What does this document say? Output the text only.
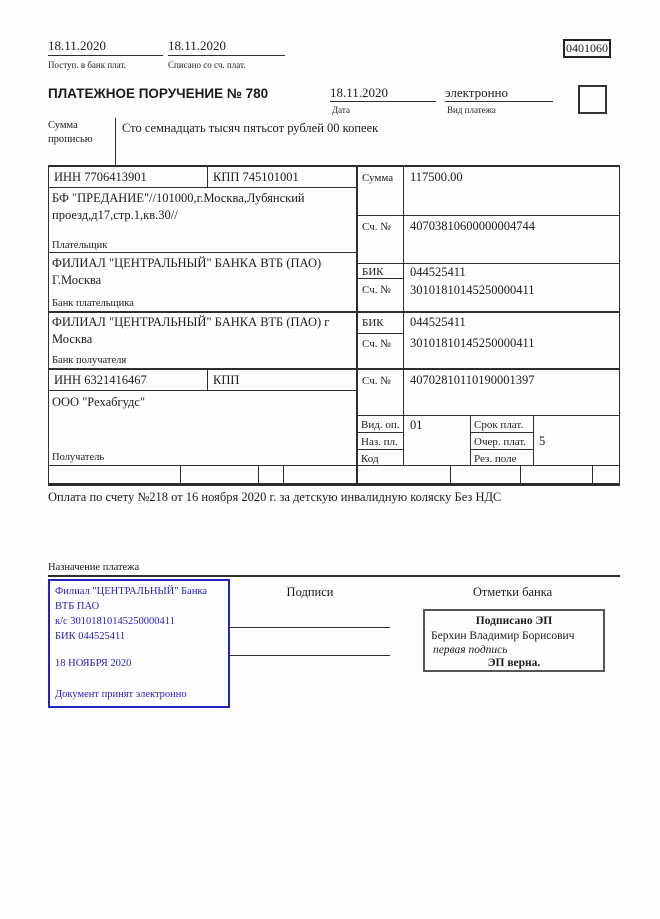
18.11.2020
Поступ. в банк плат.
18.11.2020
Списано со сч. плат.
0401060
ПЛАТЕЖНОЕ ПОРУЧЕНИЕ № 780	18.11.2020
Дата
электронно
Вид платежа
Сумма
прописью
Сто семнадцать тысяч пятьсот рублей 00 копеек
ИНН 7706413901	КПП 745101001	Сумма 117500.00
БФ "ПРЕДАНИЕ"//101000,г.Москва,Лубянский проезд,д17,стр.1,кв.30//
Плательщик
Сч. № 40703810600000004744
ФИЛИАЛ "ЦЕНТРАЛЬНЫЙ" БАНКА ВТБ (ПАО) Г.Москва
Банк плательщика
БИК 044525411
Сч. № 30101810145250000411
ФИЛИАЛ "ЦЕНТРАЛЬНЫЙ" БАНКА ВТБ (ПАО) г Москва
Банк получателя
БИК 044525411
Сч. № 30101810145250000411
ИНН 6321416467	КПП	Сч. № 40702810110190001397
ООО "Рехабгудс"
Получатель
Вид. оп. 01	Срок плат.
Наз. пл.	Очер. плат. 5
Код	Рез. поле
Оплата по счету №218 от 16 ноября 2020 г. за детскую инвалидную коляску Без НДС
Назначение платежа
Филиал "ЦЕНТРАЛЬНЫЙ" Банка
ВТБ ПАО
к/с 30101810145250000411
БИК 044525411
18 НОЯБРЯ 2020
Документ принят электронно
Подписи	Отметки банка
Подписано ЭП
Берхин Владимир Борисович
первая подпись
ЭП верна.
